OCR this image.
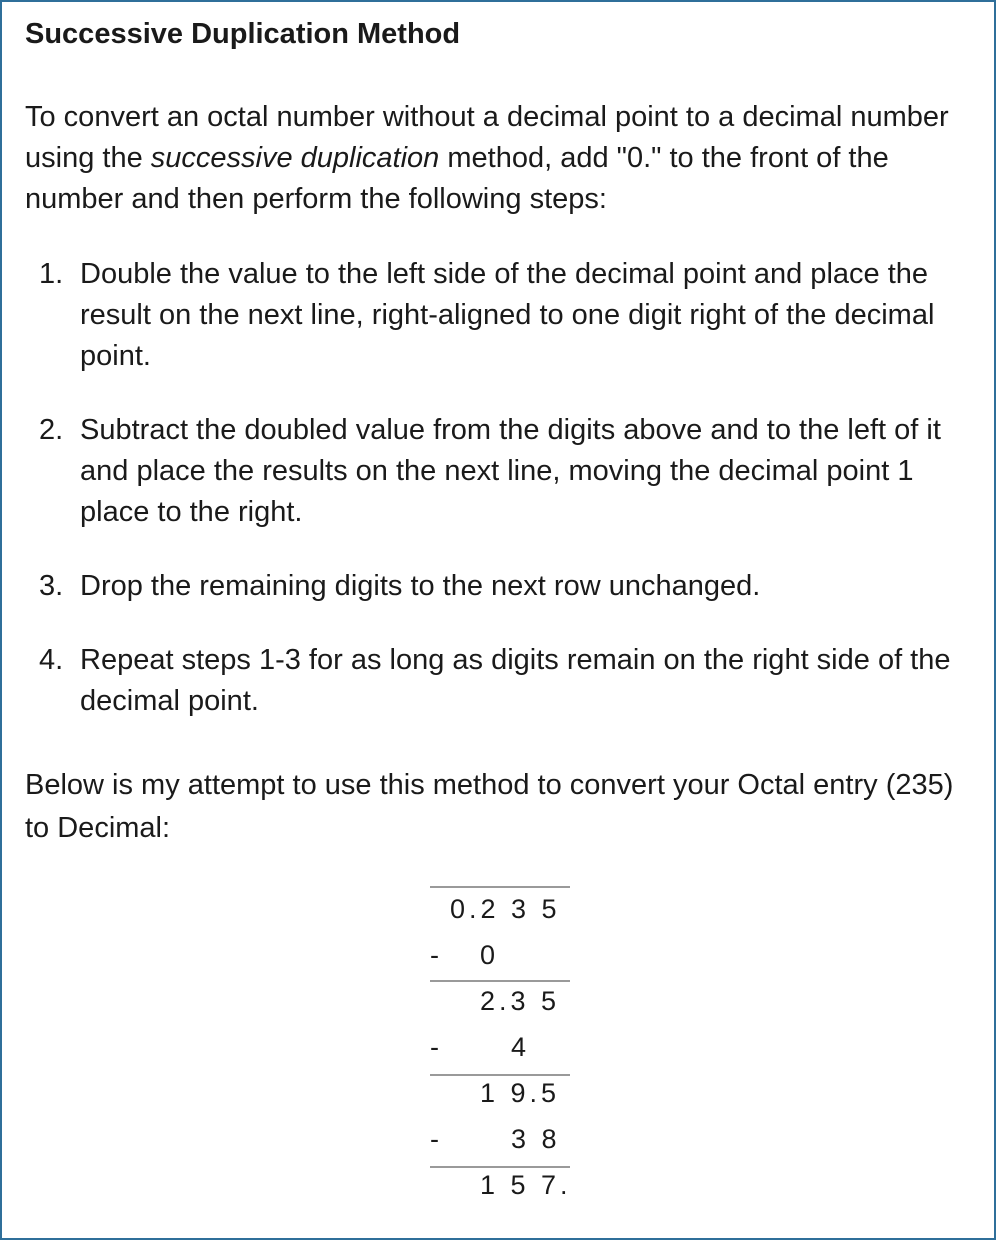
Successive Duplication Method

To convert an octal number without a decimal point to a decimal number using the successive duplication method, add "0." to the front of the number and then perform the following steps:

1. Double the value to the left side of the decimal point and place the result on the next line, right-aligned to one digit right of the decimal point.
2. Subtract the doubled value from the digits above and to the left of it and place the results on the next line, moving the decimal point 1 place to the right.
3. Drop the remaining digits to the next row unchanged.
4. Repeat steps 1-3 for as long as digits remain on the right side of the decimal point.

Below is my attempt to use this method to convert your Octal entry (235) to Decimal:

0.2 3 5
- 0
2.3 5
-	4
1 9.5
-	3 8
1 5 7.
